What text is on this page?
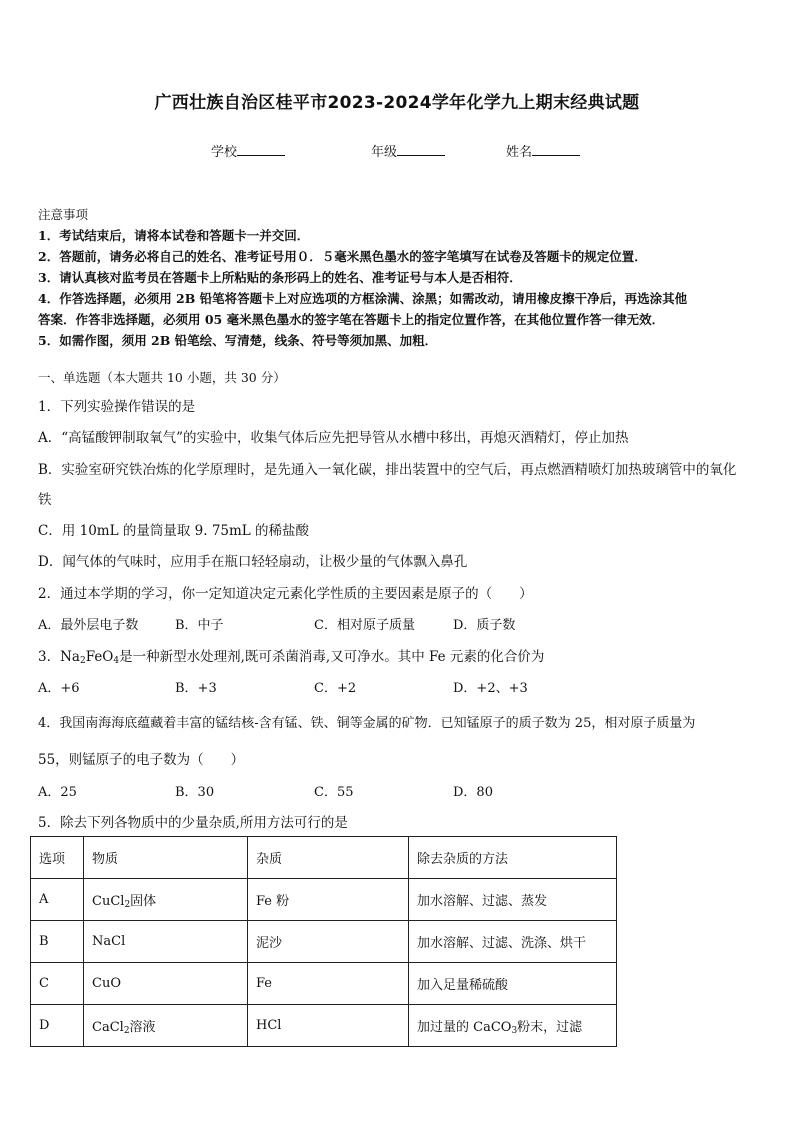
广西壮族自治区桂平市2023-2024学年化学九上期末经典试题
学校	年级	姓名
注意事项
1．考试结束后，请将本试卷和答题卡一并交回．
2．答题前，请务必将自己的姓名、准考证号用０．５毫米黑色墨水的签字笔填写在试卷及答题卡的规定位置．
3．请认真核对监考员在答题卡上所粘贴的条形码上的姓名、准考证号与本人是否相符．
4．作答选择题，必须用 2B 铅笔将答题卡上对应选项的方框涂满、涂黑；如需改动，请用橡皮擦干净后，再选涂其他
答案．作答非选择题，必须用 05 毫米黑色墨水的签字笔在答题卡上的指定位置作答，在其他位置作答一律无效．
5．如需作图，须用 2B 铅笔绘、写清楚，线条、符号等须加黑、加粗．
一、单选题（本大题共 10 小题，共 30 分）
1．下列实验操作错误的是
A．“高锰酸钾制取氧气”的实验中，收集气体后应先把导管从水槽中移出，再熄灭酒精灯，停止加热
B．实验室研究铁冶炼的化学原理时，是先通入一氧化碳，排出装置中的空气后，再点燃酒精喷灯加热玻璃管中的氧化
铁
C．用 10mL 的量筒量取 9. 75mL 的稀盐酸
D．闻气体的气味时，应用手在瓶口轻轻扇动，让极少量的气体飘入鼻孔
2．通过本学期的学习，你一定知道决定元素化学性质的主要因素是原子的（　　）
A．最外层电子数	B．中子	C．相对原子质量	D．质子数
3．$Na_2FeO_4$是一种新型水处理剂,既可杀菌消毒,又可净水。其中 Fe 元素的化合价为
A．+6	B．+3	C．+2	D．+2、+3
4．我国南海海底蕴藏着丰富的锰结核-含有锰、铁、铜等金属的矿物．已知锰原子的质子数为 25，相对原子质量为
55，则锰原子的电子数为（　　）
A．25	B．30	C．55	D．80
5．除去下列各物质中的少量杂质,所用方法可行的是
选项	物质	杂质	除去杂质的方法
A	CuCl$_2$固体	Fe 粉	加水溶解、过滤、蒸发
B	NaCl	泥沙	加水溶解、过滤、洗涤、烘干
C	CuO	Fe	加入足量稀硫酸
D	CaCl$_2$溶液	HCl	加过量的 CaCO$_3$粉末，过滤
